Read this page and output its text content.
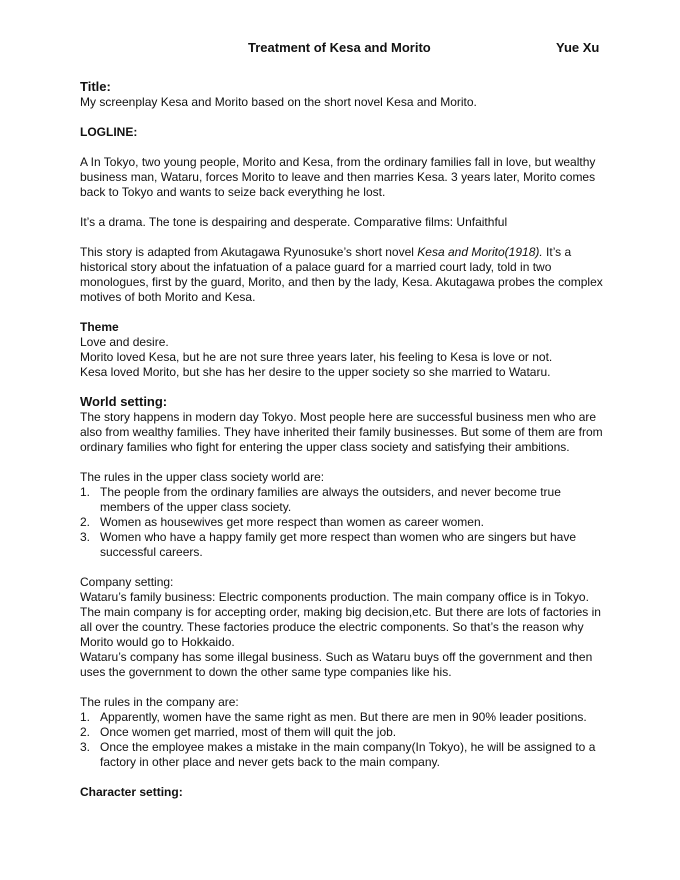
Treatment of Kesa and Morito	Yue Xu

Title:

My screenplay Kesa and Morito based on the short novel Kesa and Morito.

LOGLINE:

A In Tokyo, two young people, Morito and Kesa, from the ordinary families fall in love, but wealthy business man, Wataru, forces Morito to leave and then marries Kesa. 3 years later, Morito comes back to Tokyo and wants to seize back everything he lost.

It’s a drama. The tone is despairing and desperate. Comparative films: Unfaithful

This story is adapted from Akutagawa Ryunosuke’s short novel Kesa and Morito(1918). It’s a historical story about the infatuation of a palace guard for a married court lady, told in two monologues, first by the guard, Morito, and then by the lady, Kesa. Akutagawa probes the complex motives of both Morito and Kesa.

Theme

Love and desire.

Morito loved Kesa, but he are not sure three years later, his feeling to Kesa is love or not.

Kesa loved Morito, but she has her desire to the upper society so she married to Wataru.

World setting:

The story happens in modern day Tokyo. Most people here are successful business men who are also from wealthy families. They have inherited their family businesses. But some of them are from ordinary families who fight for entering the upper class society and satisfying their ambitions.

The rules in the upper class society world are:

1. The people from the ordinary families are always the outsiders, and never become true members of the upper class society.
2. Women as housewives get more respect than women as career women.
3. Women who have a happy family get more respect than women who are singers but have successful careers.

Company setting:

Wataru’s family business: Electric components production. The main company office is in Tokyo. The main company is for accepting order, making big decision,etc. But there are lots of factories in all over the country. These factories produce the electric components. So that’s the reason why Morito would go to Hokkaido.

Wataru’s company has some illegal business. Such as Wataru buys off the government and then uses the government to down the other same type companies like his.

The rules in the company are:

1. Apparently, women have the same right as men. But there are men in 90% leader positions.
2. Once women get married, most of them will quit the job.
3. Once the employee makes a mistake in the main company(In Tokyo), he will be assigned to a factory in other place and never gets back to the main company.

Character setting:
